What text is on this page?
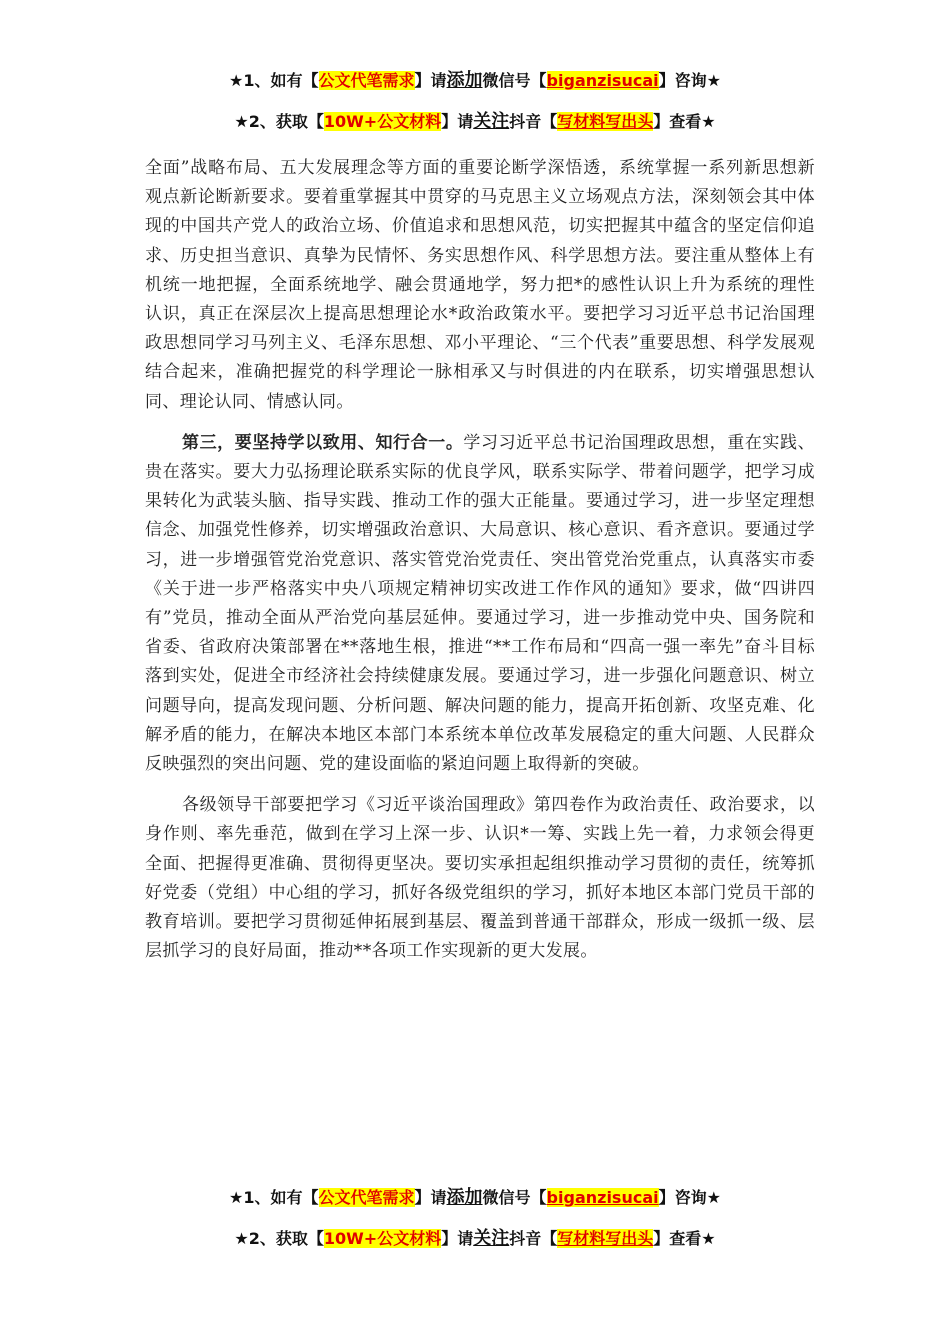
★1、如有【公文代笔需求】请添加微信号【biganzisucai】咨询★
★2、获取【10W+公文材料】请关注抖音【写材料写出头】查看★

全面”战略布局、五大发展理念等方面的重要论断学深悟透，系统掌握一系列新思想新观点新论断新要求。要着重掌握其中贯穿的马克思主义立场观点方法，深刻领会其中体现的中国共产党人的政治立场、价值追求和思想风范，切实把握其中蕴含的坚定信仰追求、历史担当意识、真挚为民情怀、务实思想作风、科学思想方法。要注重从整体上有机统一地把握，全面系统地学、融会贯通地学，努力把*的感性认识上升为系统的理性认识，真正在深层次上提高思想理论水*政治政策水平。要把学习习近平总书记治国理政思想同学习马列主义、毛泽东思想、邓小平理论、“三个代表”重要思想、科学发展观结合起来，准确把握党的科学理论一脉相承又与时俱进的内在联系，切实增强思想认同、理论认同、情感认同。

第三，要坚持学以致用、知行合一。学习习近平总书记治国理政思想，重在实践、贵在落实。要大力弘扬理论联系实际的优良学风，联系实际学、带着问题学，把学习成果转化为武装头脑、指导实践、推动工作的强大正能量。要通过学习，进一步坚定理想信念、加强党性修养，切实增强政治意识、大局意识、核心意识、看齐意识。要通过学习，进一步增强管党治党意识、落实管党治党责任、突出管党治党重点，认真落实市委《关于进一步严格落实中央八项规定精神切实改进工作作风的通知》要求，做“四讲四有”党员，推动全面从严治党向基层延伸。要通过学习，进一步推动党中央、国务院和省委、省政府决策部署在**落地生根，推进“**工作布局和“四高一强一率先”奋斗目标落到实处，促进全市经济社会持续健康发展。要通过学习，进一步强化问题意识、树立问题导向，提高发现问题、分析问题、解决问题的能力，提高开拓创新、攻坚克难、化解矛盾的能力，在解决本地区本部门本系统本单位改革发展稳定的重大问题、人民群众反映强烈的突出问题、党的建设面临的紧迫问题上取得新的突破。

各级领导干部要把学习《习近平谈治国理政》第四卷作为政治责任、政治要求，以身作则、率先垂范，做到在学习上深一步、认识*一筹、实践上先一着，力求领会得更全面、把握得更准确、贯彻得更坚决。要切实承担起组织推动学习贯彻的责任，统筹抓好党委（党组）中心组的学习，抓好各级党组织的学习，抓好本地区本部门党员干部的教育培训。要把学习贯彻延伸拓展到基层、覆盖到普通干部群众，形成一级抓一级、层层抓学习的良好局面，推动**各项工作实现新的更大发展。

★1、如有【公文代笔需求】请添加微信号【biganzisucai】咨询★
★2、获取【10W+公文材料】请关注抖音【写材料写出头】查看★
